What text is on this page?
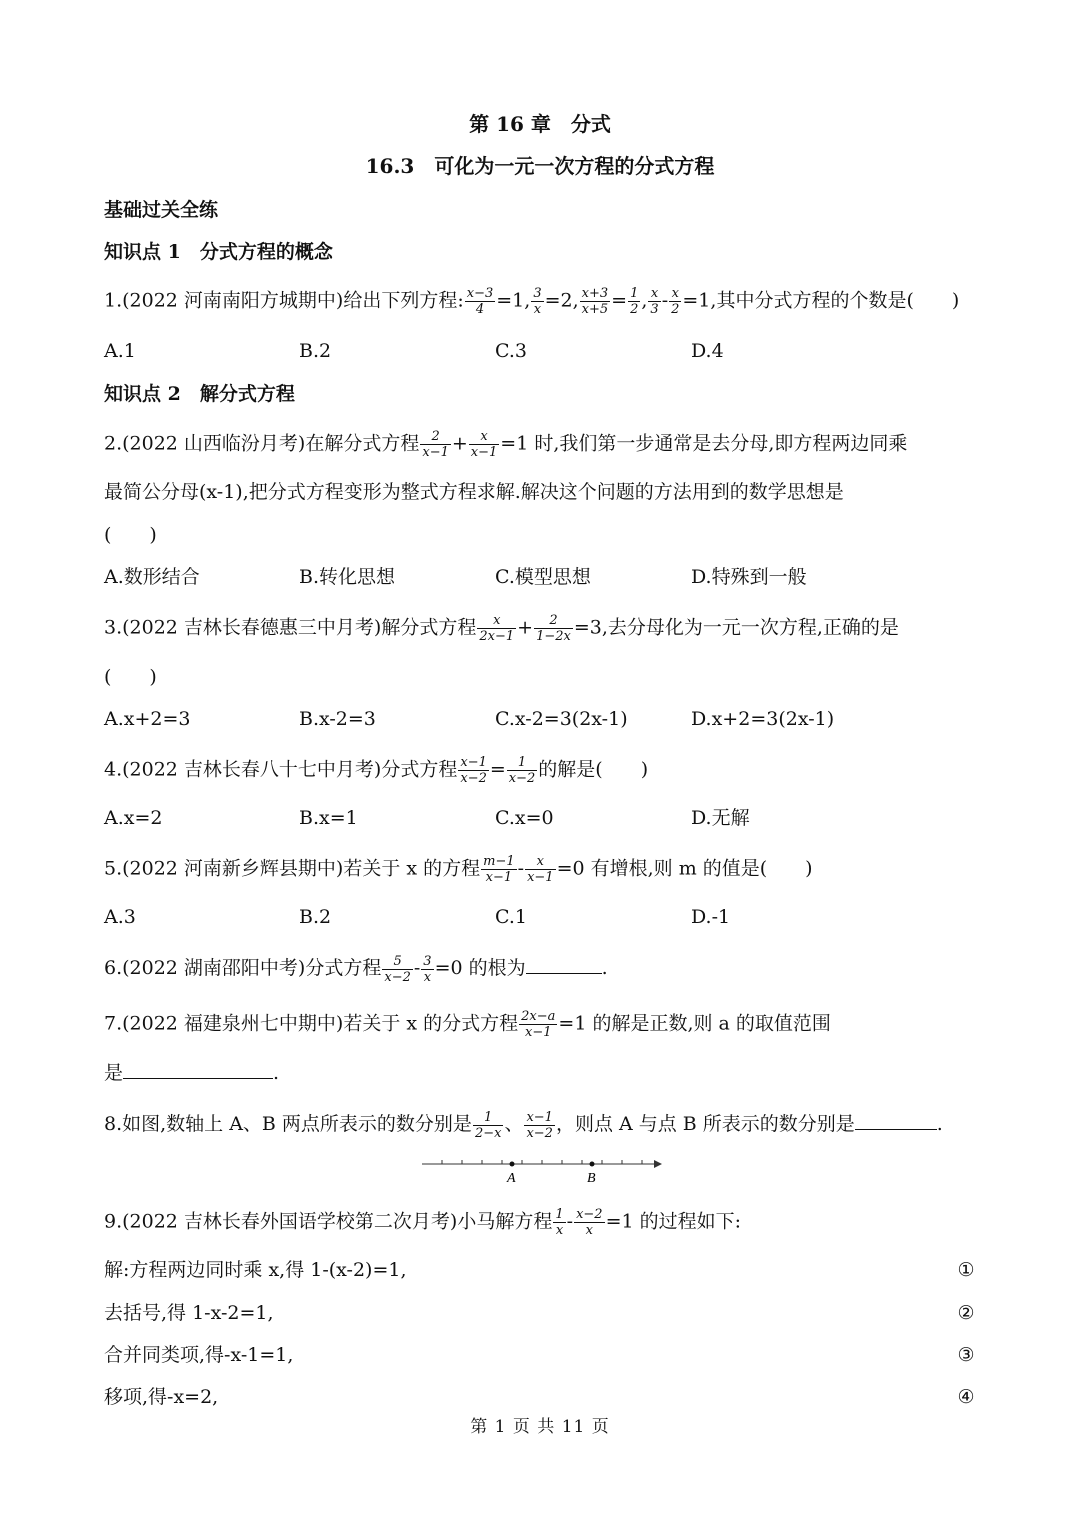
第 16 章　分式
16.3　可化为一元一次方程的分式方程
基础过关全练
知识点 1　分式方程的概念
1.(2022 河南南阳方城期中)给出下列方程: $\frac{x-3}{4} =1$, $\frac{3}{x} =2$, $\frac{x+3}{x+5} = \frac{1}{2}$ , $\frac{x}{3} - \frac{x}{2} =1$,其中分式方程的个数是(　　)
A.1	B.2	C.3	D.4
知识点 2　解分式方程
2.(2022 山西临汾月考)在解分式方程 $\frac{2}{x-1} + \frac{x}{x-1} =1$ 时,我们第一步通常是去分母,即方程两边同乘
最简公分母(x-1),把分式方程变形为整式方程求解.解决这个问题的方法用到的数学思想是
(　　)
A.数形结合	B.转化思想	C.模型思想	D.特殊到一般
3.(2022 吉林长春德惠三中月考)解分式方程 $\frac{x}{2x-1} + \frac{2}{1-2x} =3$,去分母化为一元一次方程,正确的是
(　　)
A.x+2=3	B.x-2=3	C.x-2=3(2x-1)	D.x+2=3(2x-1)
4.(2022 吉林长春八十七中月考)分式方程 $\frac{x-1}{x-2} = \frac{1}{x-2}$ 的解是(　　)
A.x=2	B.x=1	C.x=0	D.无解
5.(2022 河南新乡辉县期中)若关于 x 的方程 $\frac{m-1}{x-1} - \frac{x}{x-1} =0$ 有增根,则 m 的值是(　　)
A.3	B.2	C.1	D.-1
6.(2022 湖南邵阳中考)分式方程 $\frac{5}{x-2} - \frac{3}{x} =0$ 的根为	.
7.(2022 福建泉州七中期中)若关于 x 的分式方程 $\frac{2x-a}{x-1} =1$ 的解是正数,则 a 的取值范围
是	.
8.如图,数轴上 A、B 两点所表示的数分别是 $\frac{1}{2-x}$ 、 $\frac{x-1}{x-2}$ ，则点 A 与点 B 所表示的数分别是	.
A	B
9.(2022 吉林长春外国语学校第二次月考)小马解方程 $\frac{1}{x} - \frac{x-2}{x} =1$ 的过程如下:
解:方程两边同时乘 x,得 1-(x-2)=1,	①
去括号,得 1-x-2=1,	②
合并同类项,得-x-1=1,	③
移项,得-x=2,	④
第 1 页 共 11 页
